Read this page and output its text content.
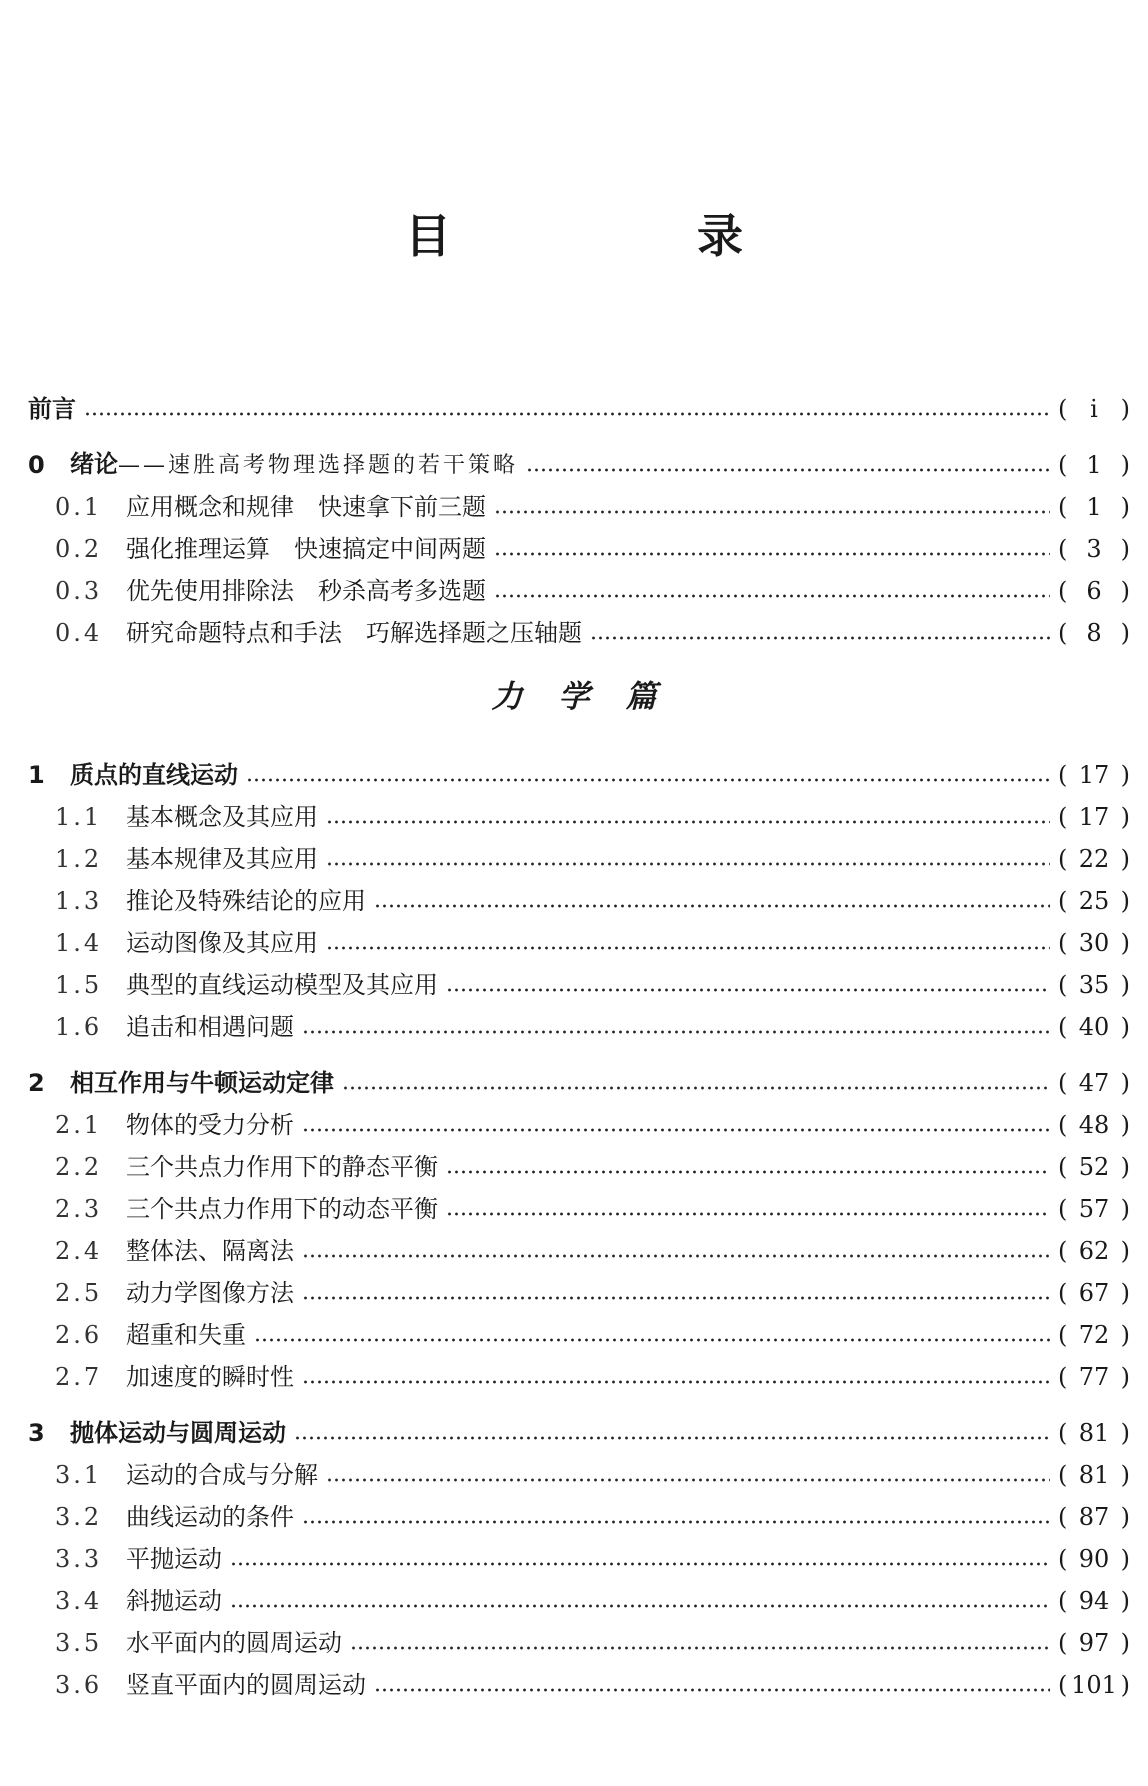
目　录
前言	( ⅰ )
0	绪论——速胜高考物理选择题的若干策略	( 1 )
0.1 应用概念和规律　快速拿下前三题	( 1 )
0.2 强化推理运算　快速搞定中间两题	( 3 )
0.3 优先使用排除法　秒杀高考多选题	( 6 )
0.4 研究命题特点和手法　巧解选择题之压轴题	( 8 )
力学篇
1	质点的直线运动	( 17 )
1.1 基本概念及其应用	( 17 )
1.2 基本规律及其应用	( 22 )
1.3 推论及特殊结论的应用	( 25 )
1.4 运动图像及其应用	( 30 )
1.5 典型的直线运动模型及其应用	( 35 )
1.6 追击和相遇问题	( 40 )
2	相互作用与牛顿运动定律	( 47 )
2.1 物体的受力分析	( 48 )
2.2 三个共点力作用下的静态平衡	( 52 )
2.3 三个共点力作用下的动态平衡	( 57 )
2.4 整体法、隔离法	( 62 )
2.5 动力学图像方法	( 67 )
2.6 超重和失重	( 72 )
2.7 加速度的瞬时性	( 77 )
3	抛体运动与圆周运动	( 81 )
3.1 运动的合成与分解	( 81 )
3.2 曲线运动的条件	( 87 )
3.3 平抛运动	( 90 )
3.4 斜抛运动	( 94 )
3.5 水平面内的圆周运动	( 97 )
3.6 竖直平面内的圆周运动	( 101 )
